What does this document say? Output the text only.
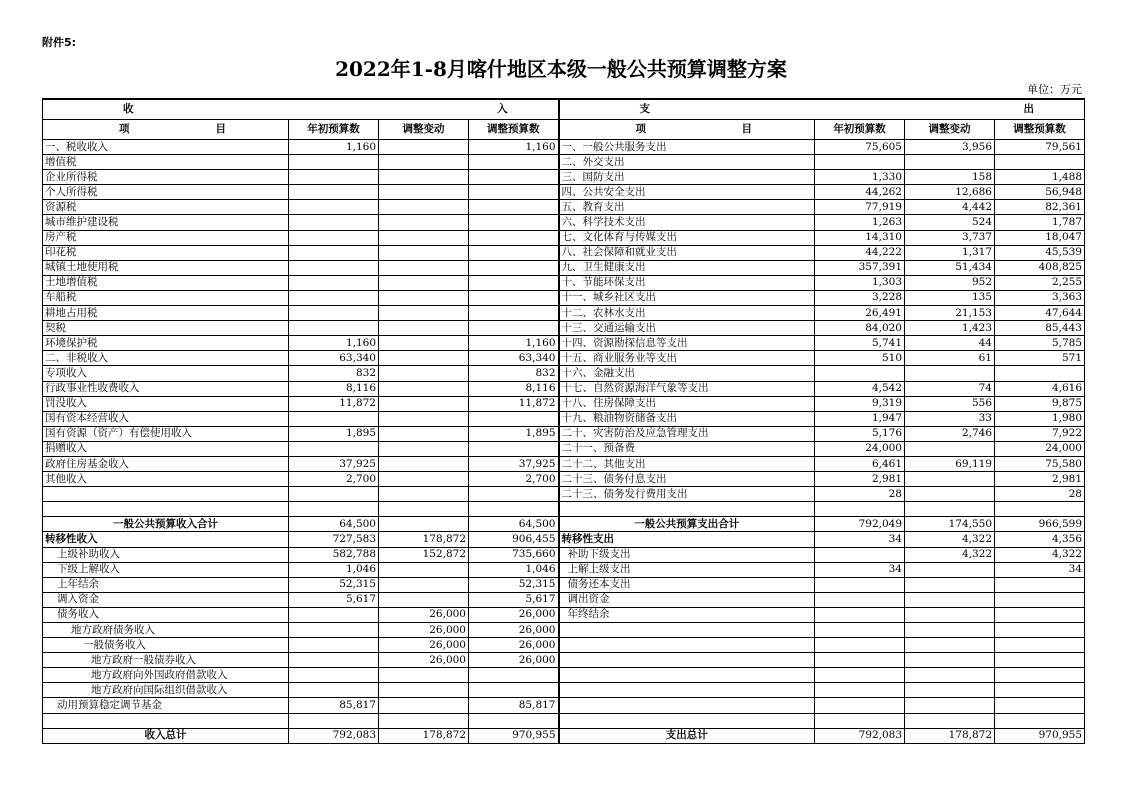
附件5:
2022年1-8月喀什地区本级一般公共预算调整方案
单位：万元
收 入				支 出			

项 目	年初预算数	调整变动	调整预算数	项 目	年初预算数	调整变动	调整预算数
一、税收收入	1,160		1,160	一、一般公共服务支出	75,605	3,956	79,561
增值税				二、外交支出			
企业所得税				三、国防支出	1,330	158	1,488
个人所得税				四、公共安全支出	44,262	12,686	56,948
资源税				五、教育支出	77,919	4,442	82,361
城市维护建设税				六、科学技术支出	1,263	524	1,787
房产税				七、文化体育与传媒支出	14,310	3,737	18,047
印花税				八、社会保障和就业支出	44,222	1,317	45,539
城镇土地使用税				九、卫生健康支出	357,391	51,434	408,825
土地增值税				十、节能环保支出	1,303	952	2,255
车船税				十一、城乡社区支出	3,228	135	3,363
耕地占用税				十二、农林水支出	26,491	21,153	47,644
契税				十三、交通运输支出	84,020	1,423	85,443
环境保护税	1,160		1,160	十四、资源勘探信息等支出	5,741	44	5,785
二、非税收入	63,340		63,340	十五、商业服务业等支出	510	61	571
专项收入	832		832	十六、金融支出			
行政事业性收费收入	8,116		8,116	十七、自然资源海洋气象等支出	4,542	74	4,616
罚没收入	11,872		11,872	十八、住房保障支出	9,319	556	9,875
国有资本经营收入				十九、粮油物资储备支出	1,947	33	1,980
国有资源（资产）有偿使用收入	1,895		1,895	二十、灾害防治及应急管理支出	5,176	2,746	7,922
捐赠收入				二十一、预备费	24,000		24,000
政府住房基金收入	37,925		37,925	二十二、其他支出	6,461	69,119	75,580
其他收入	2,700		2,700	二十三、债务付息支出	2,981		2,981
				二十三、债务发行费用支出	28		28

一般公共预算收入合计	64,500		64,500	一般公共预算支出合计	792,049	174,550	966,599
转移性收入	727,583	178,872	906,455	转移性支出	34	4,322	4,356
上级补助收入	582,788	152,872	735,660	补助下级支出		4,322	4,322
下级上解收入	1,046		1,046	上解上级支出	34		34
上年结余	52,315		52,315	债务还本支出			
调入资金	5,617		5,617	调出资金			
债务收入		26,000	26,000	年终结余			
地方政府债务收入		26,000	26,000				
一般债务收入		26,000	26,000				
地方政府一般债券收入		26,000	26,000				
地方政府向外国政府借款收入							
地方政府向国际组织借款收入							
动用预算稳定调节基金	85,817		85,817				

收入总计	792,083	178,872	970,955	支出总计	792,083	178,872	970,955
